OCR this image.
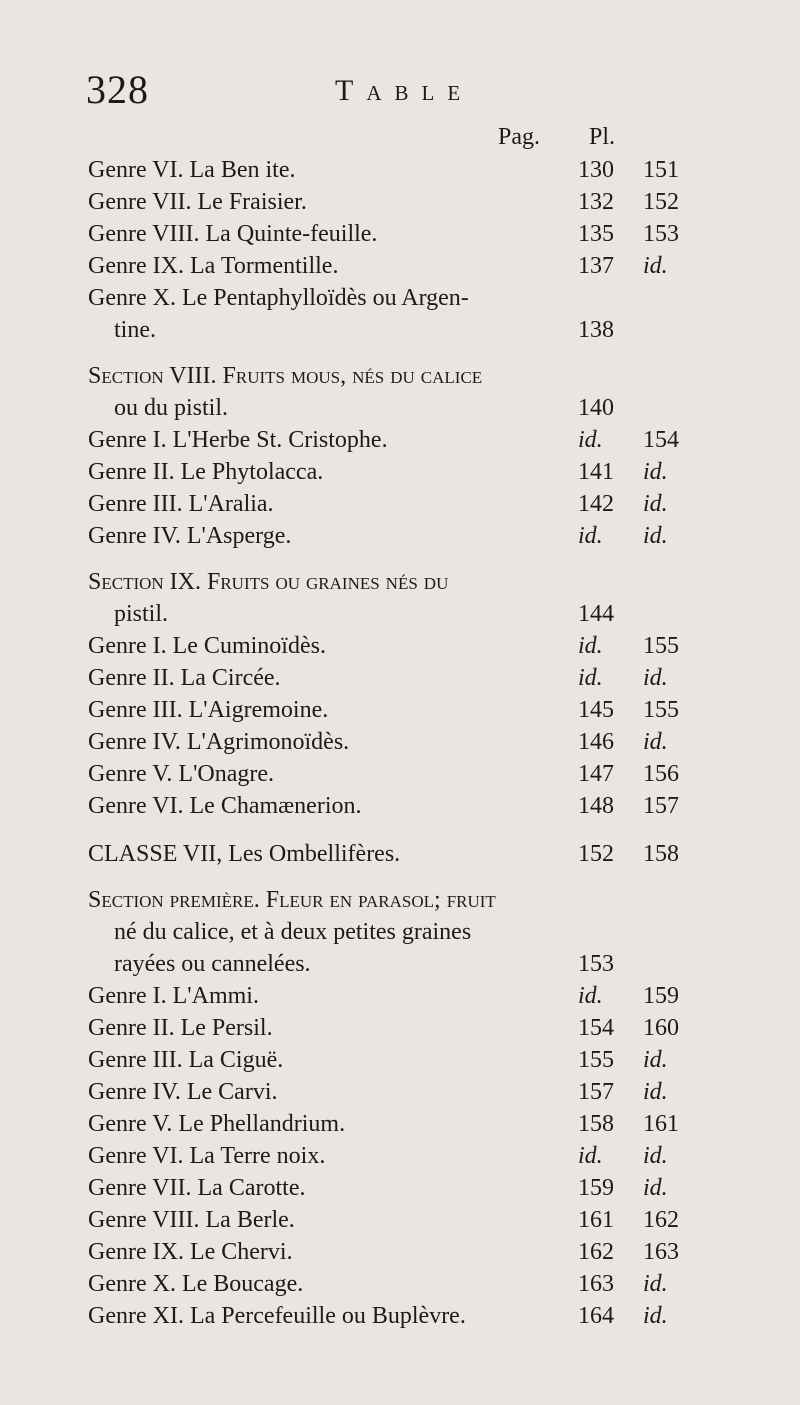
328	Table
Pag. Pl.
Genre VI. La Ben ite.	130 151
Genre VII. Le Fraisier.	132 152
Genre VIII. La Quinte-feuille.	135 153
Genre IX. La Tormentille.	137 id.
Genre X. Le Pentaphylloïdès ou Argen-
tine.	138
Section VIII. Fruits mous, nés du calice
ou du pistil.	140
Genre I. L'Herbe St. Cristophe.	id. 154
Genre II. Le Phytolacca.	141 id.
Genre III. L'Aralia.	142 id.
Genre IV. L'Asperge.	id. id.
Section IX. Fruits ou graines nés du
pistil.	144
Genre I. Le Cuminoïdès.	id. 155
Genre II. La Circée.	id. id.
Genre III. L'Aigremoine.	145 155
Genre IV. L'Agrimonoïdès.	146 id.
Genre V. L'Onagre.	147 156
Genre VI. Le Chamænerion.	148 157
CLASSE VII, Les Ombellifères.	152 158
Section première. Fleur en parasol; fruit
né du calice, et à deux petites graines
rayées ou cannelées.	153
Genre I. L'Ammi.	id. 159
Genre II. Le Persil.	154 160
Genre III. La Ciguë.	155 id.
Genre IV. Le Carvi.	157 id.
Genre V. Le Phellandrium.	158 161
Genre VI. La Terre noix.	id. id.
Genre VII. La Carotte.	159 id.
Genre VIII. La Berle.	161 162
Genre IX. Le Chervi.	162 163
Genre X. Le Boucage.	163 id.
Genre XI. La Percefeuille ou Buplèvre.	164 id.
